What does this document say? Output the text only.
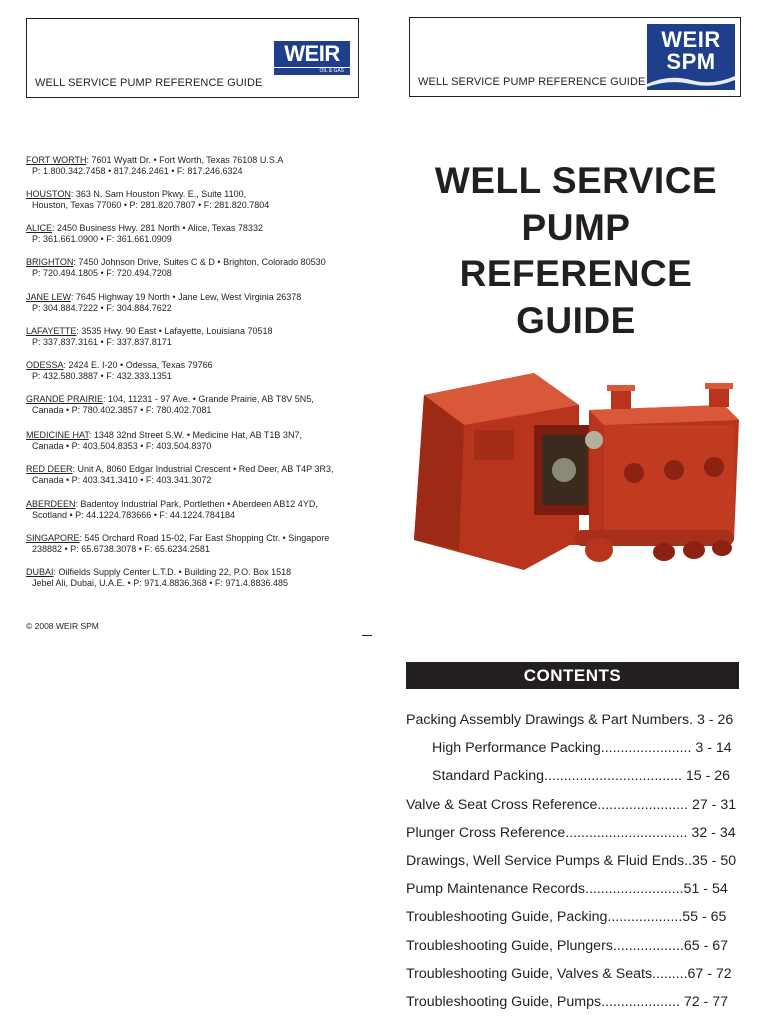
WEIR
OIL & GAS
WELL SERVICE PUMP REFERENCE GUIDE
WEIR
SPM
WELL SERVICE PUMP REFERENCE GUIDE
FORT WORTH: 7601 Wyatt Dr. • Fort Worth, Texas 76108 U.S.A
P: 1.800.342.7458 • 817.246.2461 • F: 817.246.6324
HOUSTON: 363 N. Sam Houston Pkwy. E., Suite 1100,
Houston, Texas 77060 • P: 281.820.7807 • F: 281.820.7804
ALICE: 2450 Business Hwy. 281 North • Alice, Texas 78332
P: 361.661.0900 • F: 361.661.0909
BRIGHTON: 7450 Johnson Drive, Suites C & D • Brighton, Colorado 80530
P: 720.494.1805 • F: 720.494.7208
JANE LEW: 7645 Highway 19 North • Jane Lew, West Virginia 26378
P: 304.884.7222 • F: 304.884.7622
LAFAYETTE: 3535 Hwy. 90 East • Lafayette, Louisiana 70518
P: 337.837.3161 • F: 337.837.8171
ODESSA: 2424 E. I-20 • Odessa, Texas 79766
P: 432.580.3887 • F: 432.333.1351
GRANDE PRAIRIE: 104, 11231 - 97 Ave. • Grande Prairie, AB T8V 5N5,
Canada • P: 780.402.3857 • F: 780.402.7081
MEDICINE HAT: 1348 32nd Street S.W. • Medicine Hat, AB T1B 3N7,
Canada • P: 403.504.8353 • F: 403.504.8370
RED DEER: Unit A, 8060 Edgar Industrial Crescent • Red Deer, AB T4P 3R3,
Canada • P: 403.341.3410 • F: 403.341.3072
ABERDEEN: Badentoy Industrial Park, Portlethen • Aberdeen AB12 4YD,
Scotland • P: 44.1224.783666 • F: 44.1224.784184
SINGAPORE: 545 Orchard Road 15-02, Far East Shopping Ctr. • Singapore
238882 • P: 65.6738.3078 • F: 65.6234.2581
DUBAI: Oilfields Supply Center L.T.D. • Building 22, P.O. Box 1518
Jebel Ali, Dubai, U.A.E. • P: 971.4.8836.368 • F: 971.4.8836.485
© 2008 WEIR SPM
WELL SERVICE
PUMP
REFERENCE
GUIDE
CONTENTS
Packing Assembly Drawings & Part Numbers. 3 - 26
High Performance Packing....................... 3 - 14
Standard Packing................................... 15 - 26
Valve & Seat Cross Reference....................... 27 - 31
Plunger Cross Reference............................... 32 - 34
Drawings, Well Service Pumps & Fluid Ends..35 - 50
Pump Maintenance Records.........................51 - 54
Troubleshooting Guide, Packing...................55 - 65
Troubleshooting Guide, Plungers..................65 - 67
Troubleshooting Guide, Valves & Seats.........67 - 72
Troubleshooting Guide, Pumps.................... 72 - 77
